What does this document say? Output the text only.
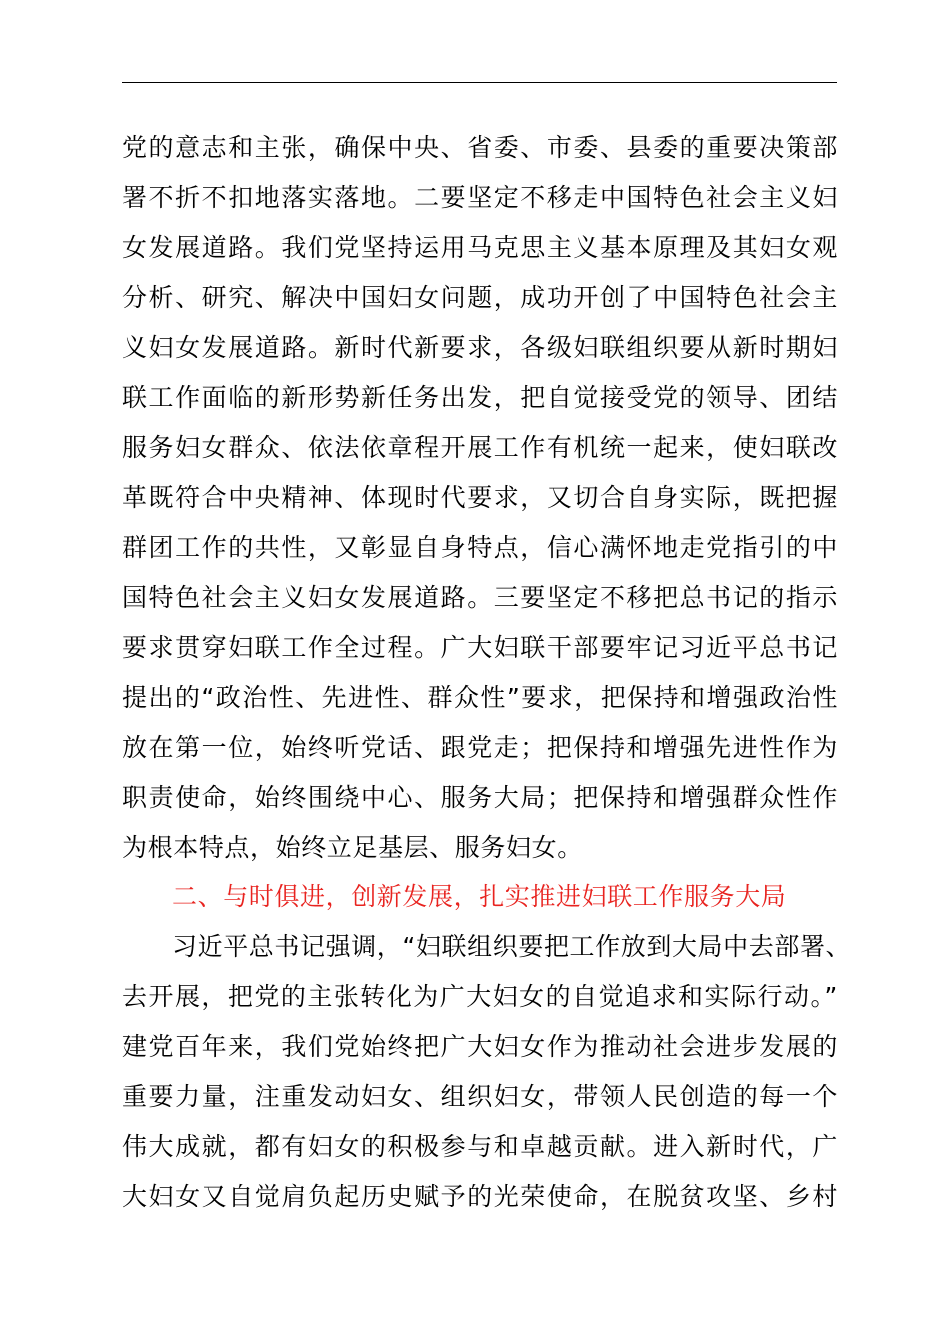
党的意志和主张，确保中央、省委、市委、县委的重要决策部
署不折不扣地落实落地。二要坚定不移走中国特色社会主义妇
女发展道路。我们党坚持运用马克思主义基本原理及其妇女观
分析、研究、解决中国妇女问题，成功开创了中国特色社会主
义妇女发展道路。新时代新要求，各级妇联组织要从新时期妇
联工作面临的新形势新任务出发，把自觉接受党的领导、团结
服务妇女群众、依法依章程开展工作有机统一起来，使妇联改
革既符合中央精神、体现时代要求，又切合自身实际，既把握
群团工作的共性，又彰显自身特点，信心满怀地走党指引的中
国特色社会主义妇女发展道路。三要坚定不移把总书记的指示
要求贯穿妇联工作全过程。广大妇联干部要牢记习近平总书记
提出的“政治性、先进性、群众性”要求，把保持和增强政治性
放在第一位，始终听党话、跟党走；把保持和增强先进性作为
职责使命，始终围绕中心、服务大局；把保持和增强群众性作
为根本特点，始终立足基层、服务妇女。
二、与时俱进，创新发展，扎实推进妇联工作服务大局
习近平总书记强调，“妇联组织要把工作放到大局中去部署、
去开展，把党的主张转化为广大妇女的自觉追求和实际行动。”
建党百年来，我们党始终把广大妇女作为推动社会进步发展的
重要力量，注重发动妇女、组织妇女，带领人民创造的每一个
伟大成就，都有妇女的积极参与和卓越贡献。进入新时代，广
大妇女又自觉肩负起历史赋予的光荣使命，在脱贫攻坚、乡村
